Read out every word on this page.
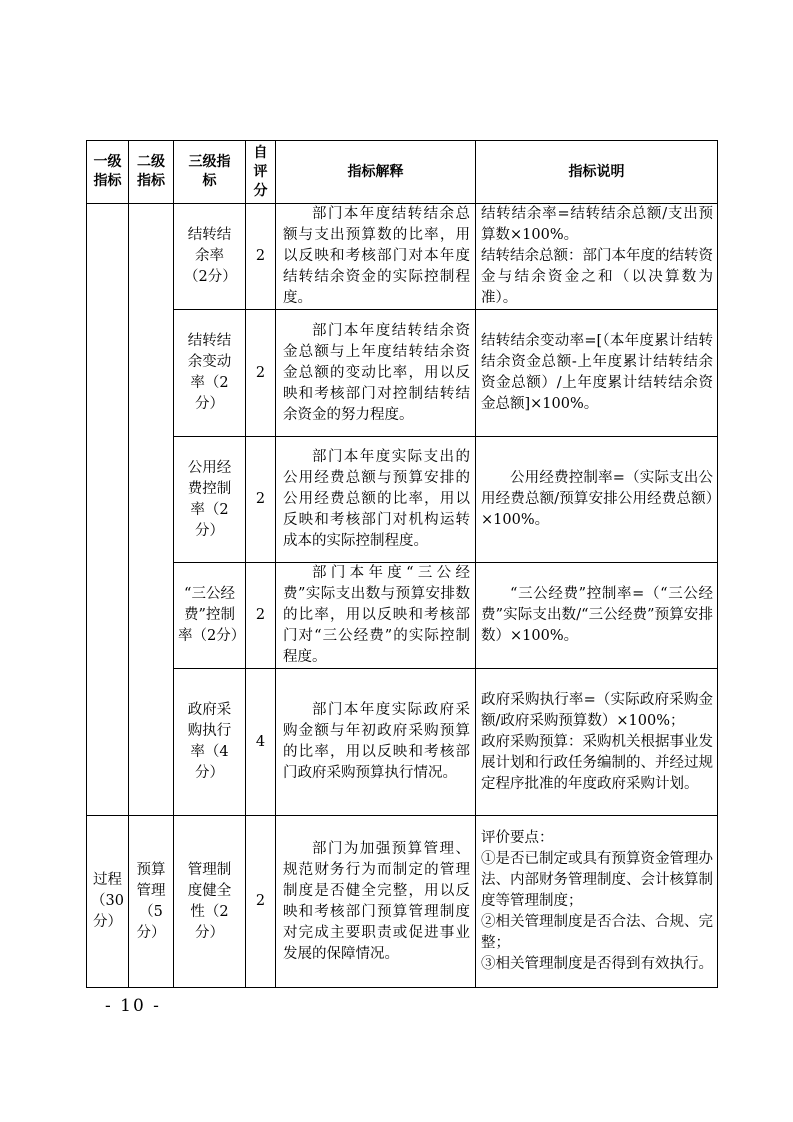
一级指标	二级指标	三级指标	自评分	指标解释	指标说明

		结转结余率（2分）	2	部门本年度结转结余总额与支出预算数的比率，用以反映和考核部门对本年度结转结余资金的实际控制程度。	结转结余率=结转结余总额/支出预算数×100%。
结转结余总额：部门本年度的结转资金与结余资金之和（以决算数为准）。

		结转结余变动率（2分）	2	部门本年度结转结余资金总额与上年度结转结余资金总额的变动比率，用以反映和考核部门对控制结转结余资金的努力程度。	结转结余变动率=[（本年度累计结转结余资金总额-上年度累计结转结余资金总额）/上年度累计结转结余资金总额]×100%。

		公用经费控制率（2分）	2	部门本年度实际支出的公用经费总额与预算安排的公用经费总额的比率，用以反映和考核部门对机构运转成本的实际控制程度。	公用经费控制率=（实际支出公用经费总额/预算安排公用经费总额）×100%。

		“三公经费”控制率（2分）	2	部门本年度“三公经费”实际支出数与预算安排数的比率，用以反映和考核部门对“三公经费”的实际控制程度。	“三公经费”控制率=（“三公经费”实际支出数/“三公经费”预算安排数）×100%。

		政府采购执行率（4分）	4	部门本年度实际政府采购金额与年初政府采购预算的比率，用以反映和考核部门政府采购预算执行情况。	政府采购执行率=（实际政府采购金额/政府采购预算数）×100%；
政府采购预算：采购机关根据事业发展计划和行政任务编制的、并经过规定程序批准的年度政府采购计划。

过程（30分）	预算管理（5分）	管理制度健全性（2分）	2	部门为加强预算管理、规范财务行为而制定的管理制度是否健全完整，用以反映和考核部门预算管理制度对完成主要职责或促进事业发展的保障情况。	评价要点：
①是否已制定或具有预算资金管理办法、内部财务管理制度、会计核算制度等管理制度；
②相关管理制度是否合法、合规、完整；
③相关管理制度是否得到有效执行。
- 10 -
